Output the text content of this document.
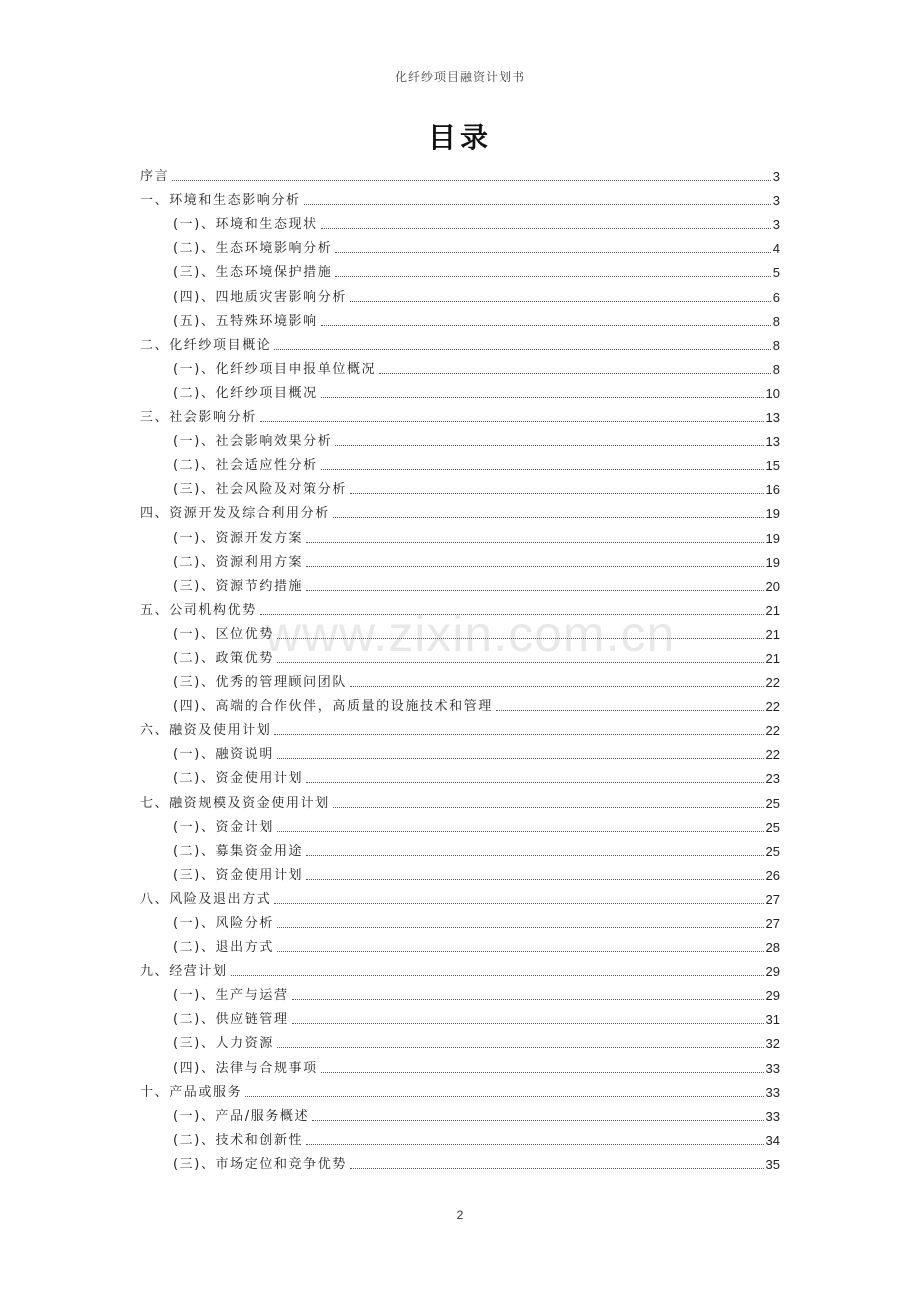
化纤纱项目融资计划书
目录
www.zixin.com.cn
序言	3
一、环境和生态影响分析	3
(一)、环境和生态现状	3
(二)、生态环境影响分析	4
(三)、生态环境保护措施	5
(四)、四地质灾害影响分析	6
(五)、五特殊环境影响	8
二、化纤纱项目概论	8
(一)、化纤纱项目申报单位概况	8
(二)、化纤纱项目概况	10
三、社会影响分析	13
(一)、社会影响效果分析	13
(二)、社会适应性分析	15
(三)、社会风险及对策分析	16
四、资源开发及综合利用分析	19
(一)、资源开发方案	19
(二)、资源利用方案	19
(三)、资源节约措施	20
五、公司机构优势	21
(一)、区位优势	21
(二)、政策优势	21
(三)、优秀的管理顾问团队	22
(四)、高端的合作伙伴，高质量的设施技术和管理	22
六、融资及使用计划	22
(一)、融资说明	22
(二)、资金使用计划	23
七、融资规模及资金使用计划	25
(一)、资金计划	25
(二)、募集资金用途	25
(三)、资金使用计划	26
八、风险及退出方式	27
(一)、风险分析	27
(二)、退出方式	28
九、经营计划	29
(一)、生产与运营	29
(二)、供应链管理	31
(三)、人力资源	32
(四)、法律与合规事项	33
十、产品或服务	33
(一)、产品/服务概述	33
(二)、技术和创新性	34
(三)、市场定位和竞争优势	35
2
